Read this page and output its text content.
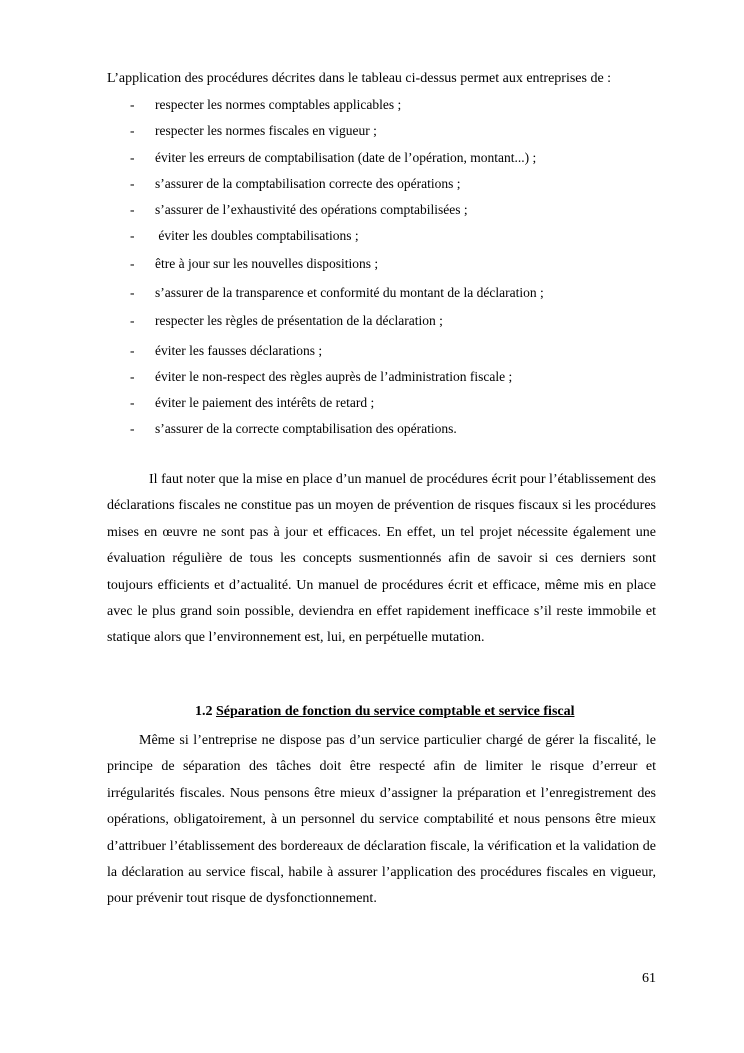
L’application des procédures décrites dans le tableau ci-dessus permet aux entreprises de :
- respecter les normes comptables applicables ;
- respecter les normes fiscales en vigueur ;
- éviter les erreurs de comptabilisation (date de l’opération, montant...) ;
- s’assurer de la comptabilisation correcte des opérations ;
- s’assurer de l’exhaustivité des opérations comptabilisées ;
- éviter les doubles comptabilisations ;
- être à jour sur les nouvelles dispositions ;
- s’assurer de la transparence et conformité du montant de la déclaration ;
- respecter les règles de présentation de la déclaration ;
- éviter les fausses déclarations ;
- éviter le non-respect des règles auprès de l’administration fiscale ;
- éviter le paiement des intérêts de retard ;
- s’assurer de la correcte comptabilisation des opérations.

Il faut noter que la mise en place d’un manuel de procédures écrit pour l’établissement des déclarations fiscales ne constitue pas un moyen de prévention de risques fiscaux si les procédures mises en œuvre ne sont pas à jour et efficaces. En effet, un tel projet nécessite également une évaluation régulière de tous les concepts susmentionnés afin de savoir si ces derniers sont toujours efficients et d’actualité. Un manuel de procédures écrit et efficace, même mis en place avec le plus grand soin possible, deviendra en effet rapidement inefficace s’il reste immobile et statique alors que l’environnement est, lui, en perpétuelle mutation.

1.2 Séparation de fonction du service comptable et service fiscal

Même si l’entreprise ne dispose pas d’un service particulier chargé de gérer la fiscalité, le principe de séparation des tâches doit être respecté afin de limiter le risque d’erreur et irrégularités fiscales. Nous pensons être mieux d’assigner la préparation et l’enregistrement des opérations, obligatoirement, à un personnel du service comptabilité et nous pensons être mieux d’attribuer l’établissement des bordereaux de déclaration fiscale, la vérification et la validation de la déclaration au service fiscal, habile à assurer l’application des procédures fiscales en vigueur, pour prévenir tout risque de dysfonctionnement.

61
